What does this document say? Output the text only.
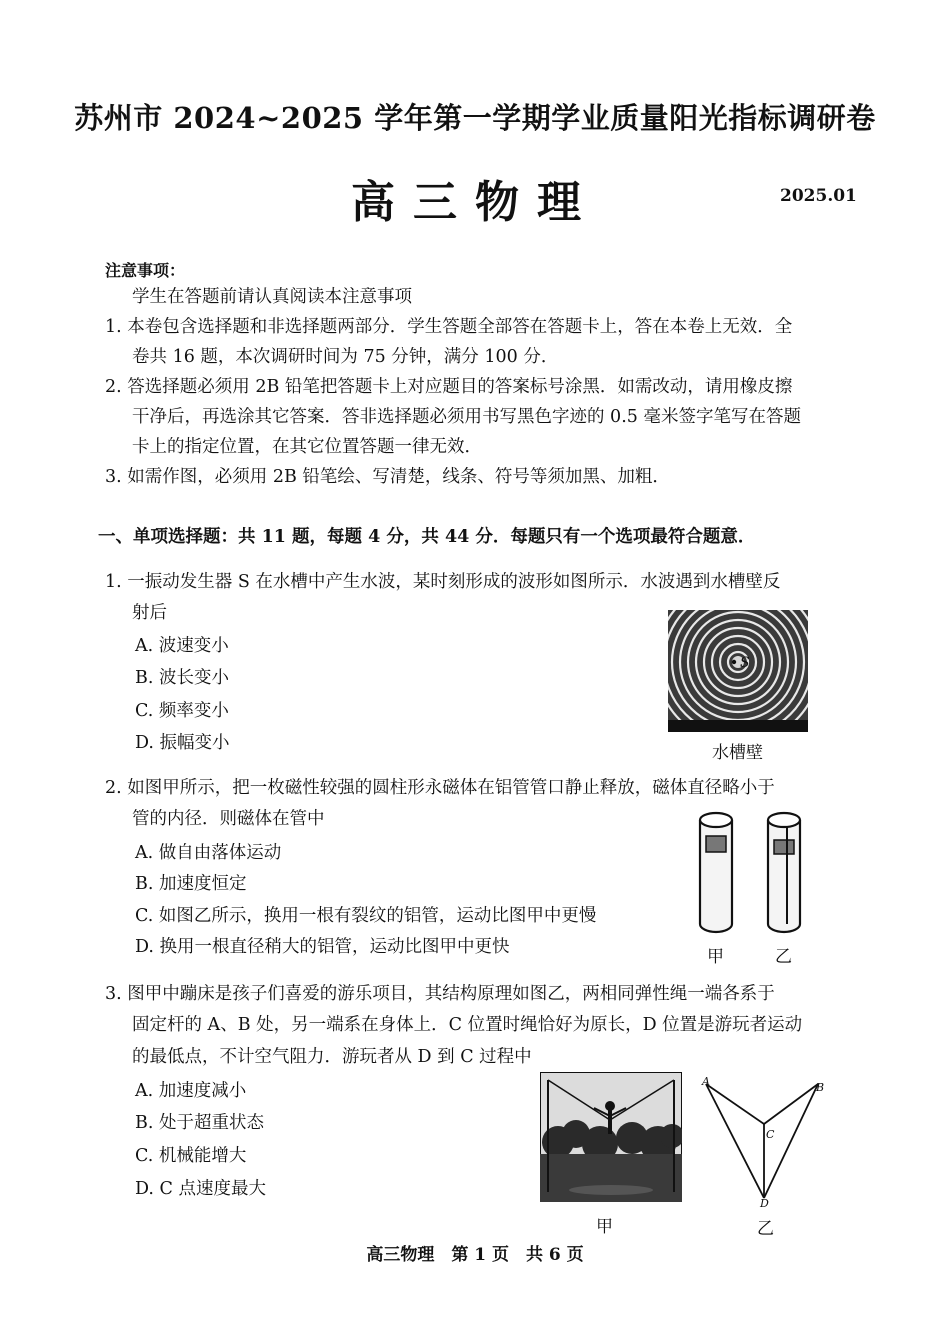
苏州市 2024~2025 学年第一学期学业质量阳光指标调研卷
高三物理	2025.01
注意事项：
学生在答题前请认真阅读本注意事项
1. 本卷包含选择题和非选择题两部分．学生答题全部答在答题卡上，答在本卷上无效．全
卷共 16 题，本次调研时间为 75 分钟，满分 100 分．
2. 答选择题必须用 2B 铅笔把答题卡上对应题目的答案标号涂黑．如需改动，请用橡皮擦
干净后，再选涂其它答案．答非选择题必须用书写黑色字迹的 0.5 毫米签字笔写在答题
卡上的指定位置，在其它位置答题一律无效．
3. 如需作图，必须用 2B 铅笔绘、写清楚，线条、符号等须加黑、加粗．
一、单项选择题：共 11 题，每题 4 分，共 44 分．每题只有一个选项最符合题意．
1. 一振动发生器 S 在水槽中产生水波，某时刻形成的波形如图所示．水波遇到水槽壁反
射后
A. 波速变小
B. 波长变小
C. 频率变小
D. 振幅变小
S
水槽壁
2. 如图甲所示，把一枚磁性较强的圆柱形永磁体在铝管管口静止释放，磁体直径略小于
管的内径．则磁体在管中
A. 做自由落体运动
B. 加速度恒定
C. 如图乙所示，换用一根有裂纹的铝管，运动比图甲中更慢
D. 换用一根直径稍大的铝管，运动比图甲中更快	甲	乙
3. 图甲中蹦床是孩子们喜爱的游乐项目，其结构原理如图乙，两相同弹性绳一端各系于
固定杆的 A、B 处，另一端系在身体上．C 位置时绳恰好为原长，D 位置是游玩者运动
的最低点，不计空气阻力．游玩者从 D 到 C 过程中
A. 加速度减小
B. 处于超重状态
C. 机械能增大
D. C 点速度最大
甲
A	B
C
D
乙
高三物理　第 1 页　共 6 页
